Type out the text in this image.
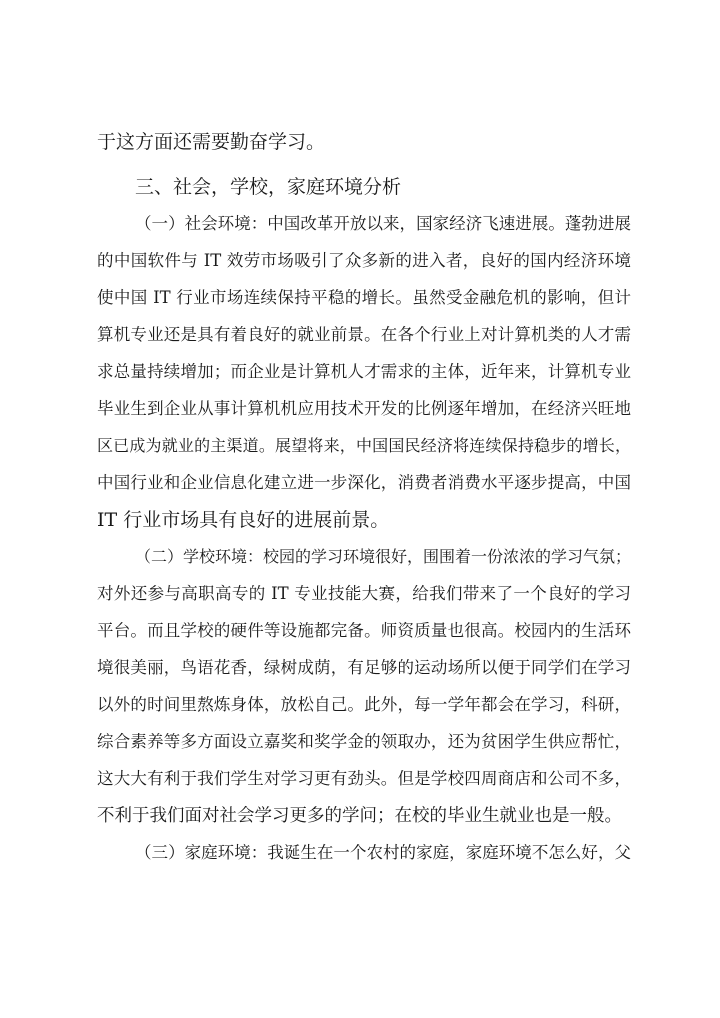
于这方面还需要勤奋学习。
三、社会，学校，家庭环境分析
（一）社会环境：中国改革开放以来，国家经济飞速进展。蓬勃进展
的中国软件与 IT 效劳市场吸引了众多新的进入者，良好的国内经济环境
使中国 IT 行业市场连续保持平稳的增长。虽然受金融危机的影响，但计
算机专业还是具有着良好的就业前景。在各个行业上对计算机类的人才需
求总量持续增加；而企业是计算机人才需求的主体，近年来，计算机专业
毕业生到企业从事计算机机应用技术开发的比例逐年增加，在经济兴旺地
区已成为就业的主渠道。展望将来，中国国民经济将连续保持稳步的增长，
中国行业和企业信息化建立进一步深化，消费者消费水平逐步提高，中国
IT 行业市场具有良好的进展前景。
（二）学校环境：校园的学习环境很好，围围着一份浓浓的学习气氛；
对外还参与高职高专的 IT 专业技能大赛，给我们带来了一个良好的学习
平台。而且学校的硬件等设施都完备。师资质量也很高。校园内的生活环
境很美丽，鸟语花香，绿树成荫，有足够的运动场所以便于同学们在学习
以外的时间里熬炼身体，放松自己。此外，每一学年都会在学习，科研，
综合素养等多方面设立嘉奖和奖学金的领取办，还为贫困学生供应帮忙，
这大大有利于我们学生对学习更有劲头。但是学校四周商店和公司不多，
不利于我们面对社会学习更多的学问；在校的毕业生就业也是一般。
（三）家庭环境：我诞生在一个农村的家庭，家庭环境不怎么好，父
